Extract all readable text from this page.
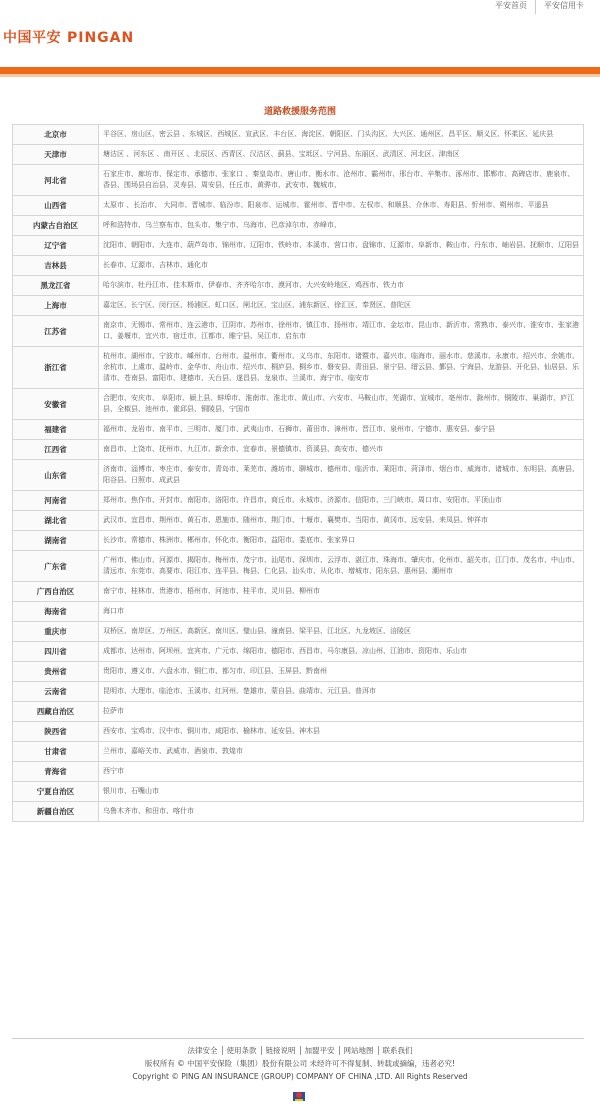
平安首页	平安信用卡
中国平安 PINGAN
道路救援服务范围
北京市	平谷区、房山区、密云县 、东城区、西城区、宣武区、丰台区、海淀区、朝阳区、门头沟区、大兴区、通州区、昌平区、顺义区、怀柔区、延庆县
天津市	塘沽区 、河东区 、南开区 、北辰区、西青区、汉沽区、蓟县、宝坻区、宁河县、东丽区、武清区、河北区、津南区
河北省	石家庄市、廊坊市、保定市、承德市、张家口 、秦皇岛市、唐山市、衡水市、沧州市、霸州市、邢台市、辛集市、涿州市、邯郸市、高碑店市、鹿泉市、香县、围场县自治县、灵寿县、周安县、任丘市、黄骅市、武安市、魏城市、
山西省	太原市 、长治市、 大同市、晋城市、临汾市、阳泉市、运城市、霍州市、晋中市、左权市、和顺县、介休市、寿阳县、忻州市、朔州市、平遥县
内蒙古自治区	呼和浩特市、乌兰察布市、包头市、集宁市、乌海市、巴彦淖尔市、赤峰市、
辽宁省	沈阳市、朝阳市、大连市、葫芦岛市、锦州市、辽阳市、铁岭市、本溪市、营口市、盘锦市、辽源市、阜新市、鞍山市、丹东市、岫岩县、抚顺市、辽阳县
吉林县	长春市、辽源市、吉林市、通化市
黑龙江省	哈尔滨市、牡丹江市、佳木斯市、伊春市、齐齐哈尔市、漠河市、大兴安岭地区、鸡西市、铁力市
上海市	嘉定区、长宁区、闵行区、杨浦区、虹口区、闸北区、宝山区、浦东新区、徐汇区、奉贤区、普陀区
江苏省	南京市、无锡市、常州市、连云港市、江阴市、苏州市、徐州市、镇江市、扬州市、靖江市、金坛市、昆山市、新沂市、常熟市、泰兴市、淮安市、张家港口、姜堰市、宜兴市、宿迁市、江都市、睢宁县、吴江市、启东市
浙江省	杭州市、湖州市、宁波市、嵊州市、台州市、温州市、衢州市、义乌市、东阳市、诸暨市、嘉兴市、临海市、丽水市、慈溪市、永康市、绍兴市、余姚市、余杭市、上虞市、温岭市、金华市、舟山市、绍兴市、桐庐县、桐乡市、磐安县、青田县、景宁县、缙云县、鄞县、宁海县、龙游县、开化县、仙居县、乐清市、苍南县、富阳市、建德市、天台县、遂昌县、龙泉市、兰溪市、海宁市、临安市
安徽省	合肥市、安庆市、 阜阳市、颍上县、蚌埠市、淮南市、淮北市、黄山市、六安市、马鞍山市、芜湖市、宣城市、亳州市、滁州市、铜陵市、巢湖市、庐江县、全椒县、池州市、霍邱县、铜陵县、宁国市
福建省	福州市、龙岩市、南平市、三明市、厦门市、武夷山市、石狮市、莆田市、漳州市、晋江市、泉州市、宁德市、惠安县、泰宁县
江西省	南昌市、上饶市、抚州市、九江市、新余市、宜春市、景德镇市、资溪县、高安市、德兴市
山东省	济南市、淄博市、枣庄市、泰安市、青岛市、莱芜市、潍坊市、聊城市、德州市、临沂市、莱阳市、菏泽市、烟台市、威海市、诸城市、东明县、高唐县、阳谷县、日照市、成武县
河南省	郑州市、焦作市、开封市、南阳市、洛阳市、许昌市、商丘市、永城市、济源市、信阳市、三门峡市、周口市、安阳市、平顶山市
湖北省	武汉市、宜昌市、荆州市、黄石市、恩施市、随州市、荆门市、十堰市、襄樊市、当阳市、黄冈市、远安县、来凤县、钟祥市
湖南省	长沙市、常德市、株洲市、郴州市、怀化市、衡阳市、益阳市、娄底市、张家界口
广东省	广州市、佛山市、河源市、揭阳市、梅州市、茂宁市、汕尾市、深圳市、云浮市、湛江市、珠海市、肇庆市、化州市、韶关市、江门市、茂名市、中山市、清远市、东莞市、高要市、阳江市、连平县、梅县、仁化县、汕头市、从化市、增城市、阳东县、惠州县、潮州市
广西自治区	南宁市、桂林市、贵港市、梧州市、河池市、桂平市、灵川县、柳州市
海南省	海口市
重庆市	双桥区、南岸区、万州区、高新区、南川区、璧山县、潼南县、梁平县、江北区、九龙坡区、涪陵区
四川省	成都市、达州市、阿坝州、宜宾市、广元市、绵阳市、德阳市、西昌市、马尔康县、凉山州、江油市、资阳市、乐山市
贵州省	贵阳市、遵义市、六盘水市、铜仁市、都匀市、印江县、玉屏县、黔南州
云南省	昆明市、大理市、临沧市、玉溪市、红河州、楚雄市、蒙自县、曲靖市、元江县、普洱市
西藏自治区	拉萨市
陕西省	西安市、宝鸡市、汉中市、铜川市、咸阳市、榆林市、延安县、神木县
甘肃省	兰州市、嘉峪关市、武威市、酒泉市、敦煌市
青海省	西宁市
宁夏自治区	银川市、石嘴山市
新疆自治区	乌鲁木齐市、和田市、喀什市
法律安全 使用条款 链接说明 加盟平安 网站地图 联系我们
版权所有 © 中国平安保险（集团）股份有限公司 未经许可不得复制、转载或摘编，违者必究!
Copyright © PING AN INSURANCE (GROUP) COMPANY OF CHINA ,LTD. All Rights Reserved
